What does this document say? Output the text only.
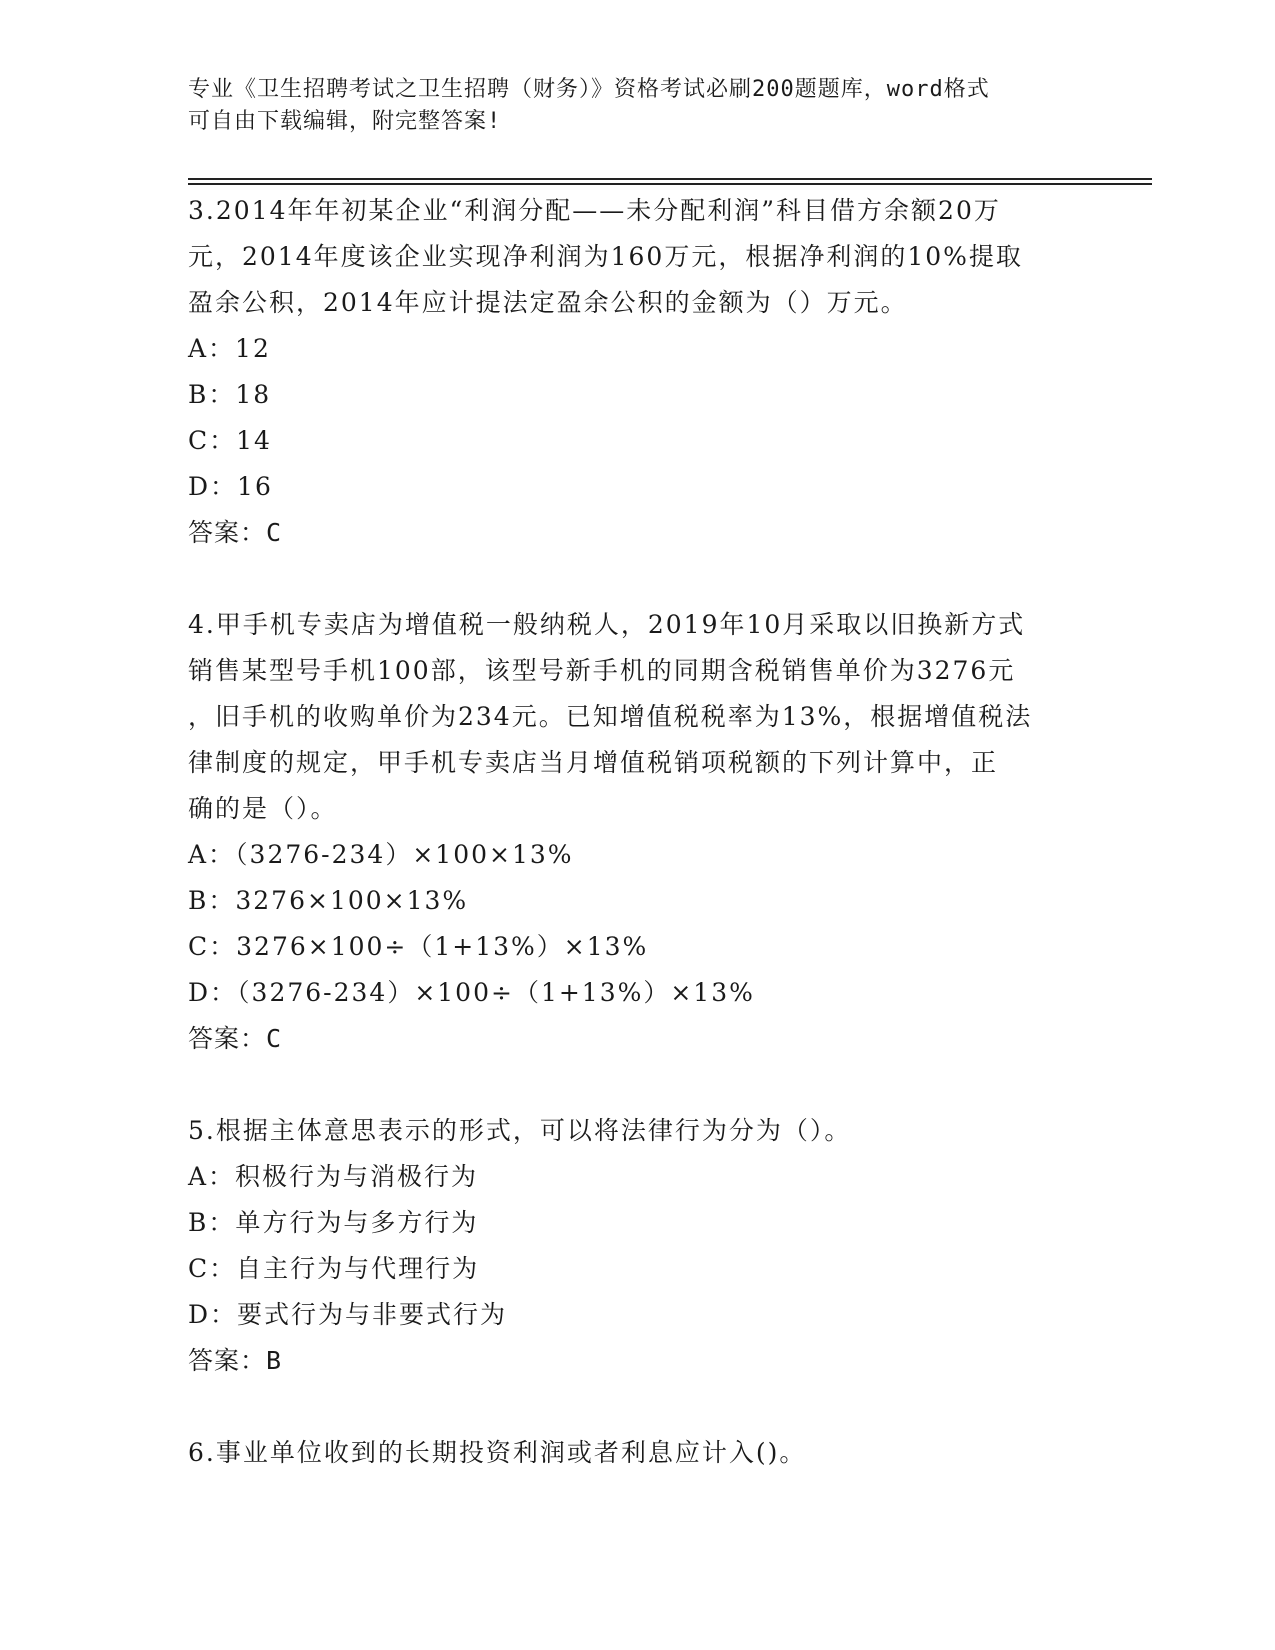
专业《卫生招聘考试之卫生招聘（财务）》资格考试必刷200题题库，word格式
可自由下载编辑，附完整答案!
3.2014年年初某企业“利润分配——未分配利润”科目借方余额20万
元，2014年度该企业实现净利润为160万元，根据净利润的10%提取
盈余公积，2014年应计提法定盈余公积的金额为（）万元。
A：12
B：18
C：14
D：16
答案：C
4.甲手机专卖店为增值税一般纳税人，2019年10月采取以旧换新方式
销售某型号手机100部，该型号新手机的同期含税销售单价为3276元
，旧手机的收购单价为234元。已知增值税税率为13%，根据增值税法
律制度的规定，甲手机专卖店当月增值税销项税额的下列计算中，正
确的是（）。
A：（3276-234）×100×13%
B：3276×100×13%
C：3276×100÷（1+13%）×13%
D：（3276-234）×100÷（1+13%）×13%
答案：C
5.根据主体意思表示的形式，可以将法律行为分为（）。
A：积极行为与消极行为
B：单方行为与多方行为
C：自主行为与代理行为
D：要式行为与非要式行为
答案：B
6.事业单位收到的长期投资利润或者利息应计入()。
